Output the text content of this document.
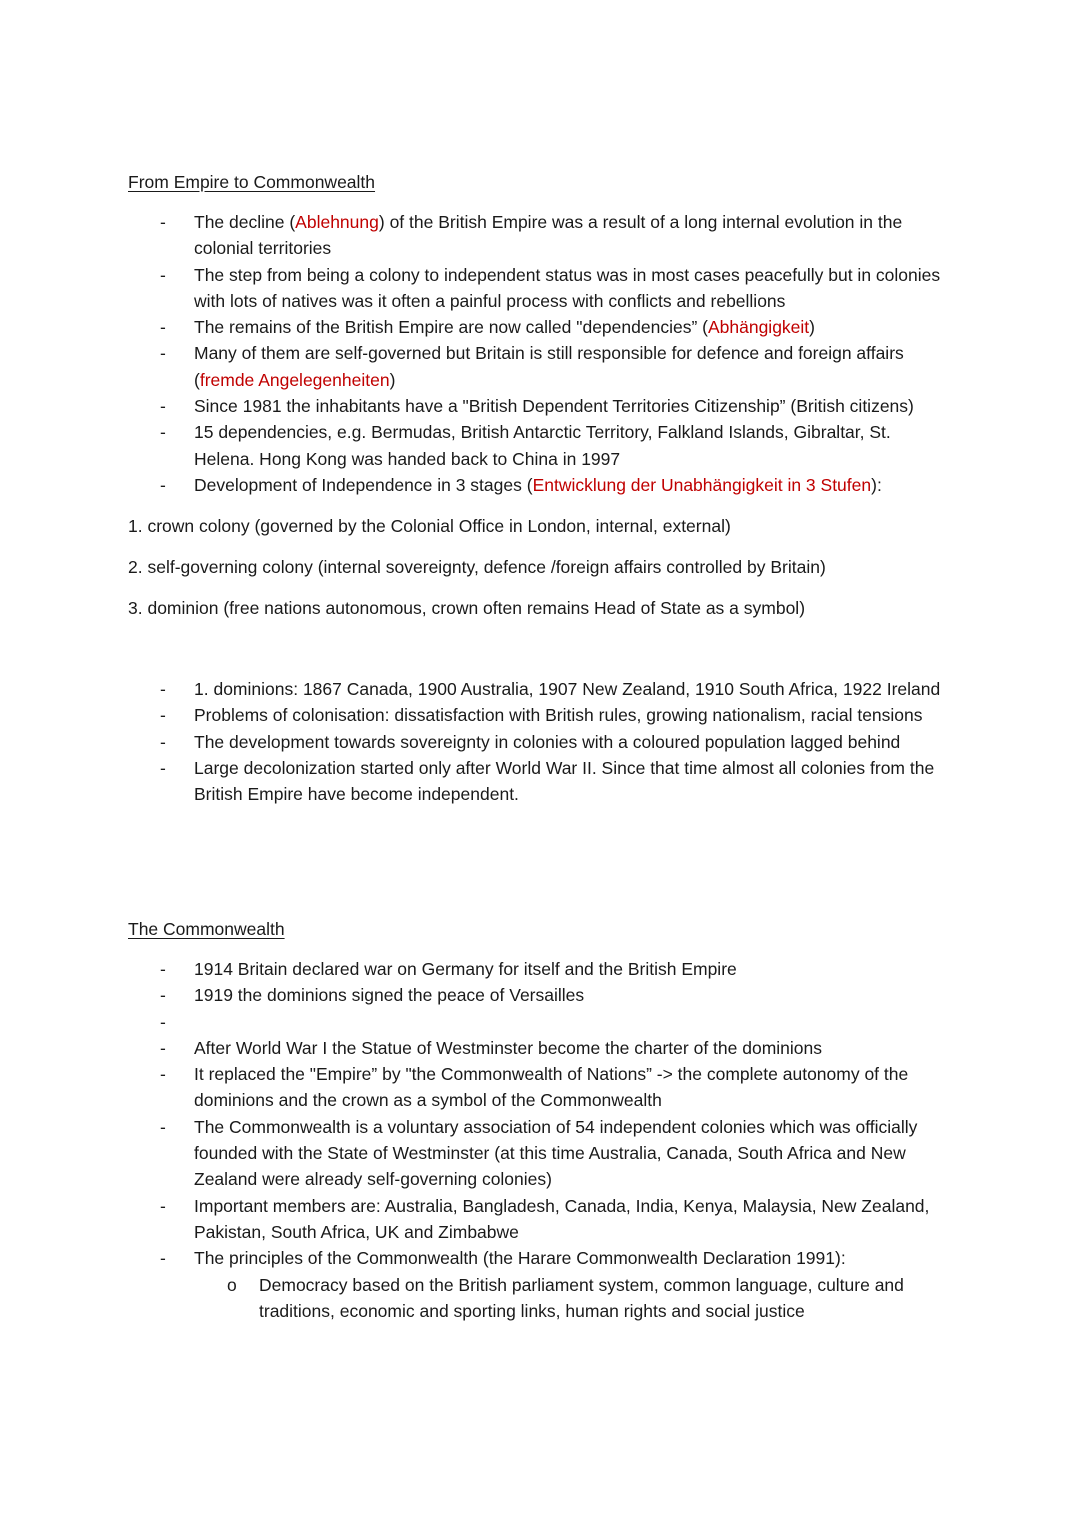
From Empire to Commonwealth
- The decline (Ablehnung) of the British Empire was a result of a long internal evolution in the colonial territories
- The step from being a colony to independent status was in most cases peacefully but in colonies with lots of natives was it often a painful process with conflicts and rebellions
- The remains of the British Empire are now called "dependencies” (Abhängigkeit)
- Many of them are self-governed but Britain is still responsible for defence and foreign affairs (fremde Angelegenheiten)
- Since 1981 the inhabitants have a "British Dependent Territories Citizenship” (British citizens)
- 15 dependencies, e.g. Bermudas, British Antarctic Territory, Falkland Islands, Gibraltar, St. Helena. Hong Kong was handed back to China in 1997
- Development of Independence in 3 stages (Entwicklung der Unabhängigkeit in 3 Stufen):

1. crown colony (governed by the Colonial Office in London, internal, external)

2. self-governing colony (internal sovereignty, defence /foreign affairs controlled by Britain)

3. dominion (free nations autonomous, crown often remains Head of State as a symbol)

- 1. dominions: 1867 Canada, 1900 Australia, 1907 New Zealand, 1910 South Africa, 1922 Ireland
- Problems of colonisation: dissatisfaction with British rules, growing nationalism, racial tensions
- The development towards sovereignty in colonies with a coloured population lagged behind
- Large decolonization started only after World War II. Since that time almost all colonies from the British Empire have become independent.
The Commonwealth
- 1914 Britain declared war on Germany for itself and the British Empire
- 1919 the dominions signed the peace of Versailles
-
- After World War I the Statue of Westminster become the charter of the dominions
- It replaced the "Empire” by "the Commonwealth of Nations” -> the complete autonomy of the dominions and the crown as a symbol of the Commonwealth
- The Commonwealth is a voluntary association of 54 independent colonies which was officially founded with the State of Westminster (at this time Australia, Canada, South Africa and New Zealand were already self-governing colonies)
- Important members are: Australia, Bangladesh, Canada, India, Kenya, Malaysia, New Zealand, Pakistan, South Africa, UK and Zimbabwe
- The principles of the Commonwealth (the Harare Commonwealth Declaration 1991):
o Democracy based on the British parliament system, common language, culture and traditions, economic and sporting links, human rights and social justice
